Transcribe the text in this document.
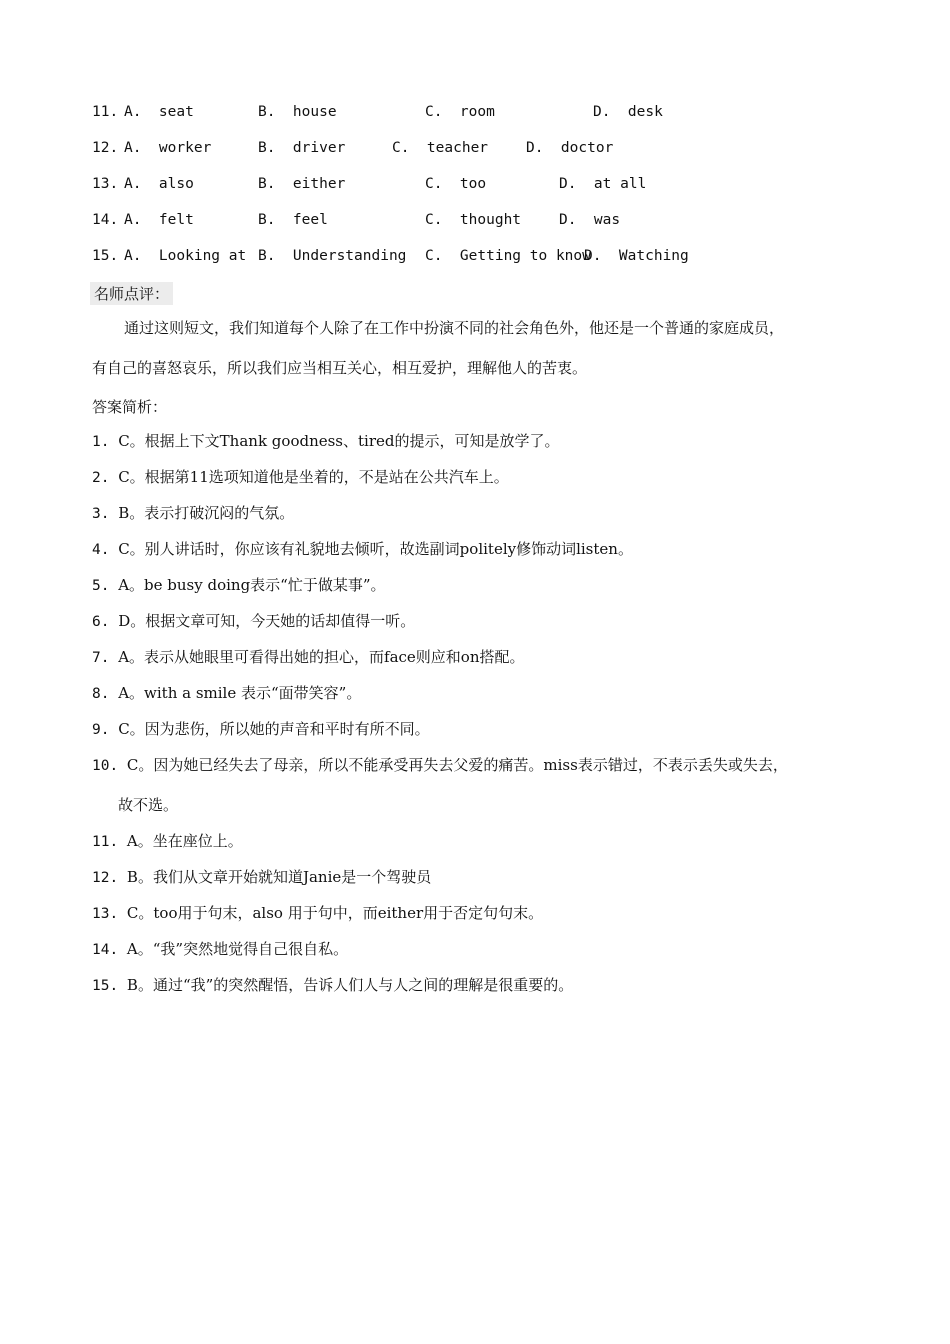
11.

A.  seat

	B.  house

	C.  room

	D.  desk

12.

A.  worker

	B.  driver

	C.  teacher

	D.  doctor

13.

A.  also

	B.  either

	C.  too

	D.  at all

14.

A.  felt

	B.  feel

	C.  thought

	D.  was

15.

A.  Looking at

B.  Understanding

C.  Getting to know

D.  Watching

名师点评：
通过这则短文，我们知道每个人除了在工作中扮演不同的社会角色外，他还是一个普通的家庭成员，
有自己的喜怒哀乐，所以我们应当相互关心，相互爱护，理解他人的苦衷。
答案简析：
1. C。根据上下文Thank goodness、tired的提示，可知是放学了。
2. C。根据第11选项知道他是坐着的，不是站在公共汽车上。
3. B。表示打破沉闷的气氛。
4. C。别人讲话时，你应该有礼貌地去倾听，故选副词politely修饰动词listen。
5. A。be busy doing表示“忙于做某事”。
6. D。根据文章可知，今天她的话却值得一听。
7. A。表示从她眼里可看得出她的担心，而face则应和on搭配。
8. A。with a smile 表示“面带笑容”。
9. C。因为悲伤，所以她的声音和平时有所不同。
10. C。因为她已经失去了母亲，所以不能承受再失去父爱的痛苦。miss表示错过，不表示丢失或失去，
故不选。
11. A。坐在座位上。
12. B。我们从文章开始就知道Janie是一个驾驶员
13. C。too用于句末，also 用于句中，而either用于否定句句末。
14. A。“我”突然地觉得自己很自私。
15. B。通过“我”的突然醒悟，告诉人们人与人之间的理解是很重要的。
